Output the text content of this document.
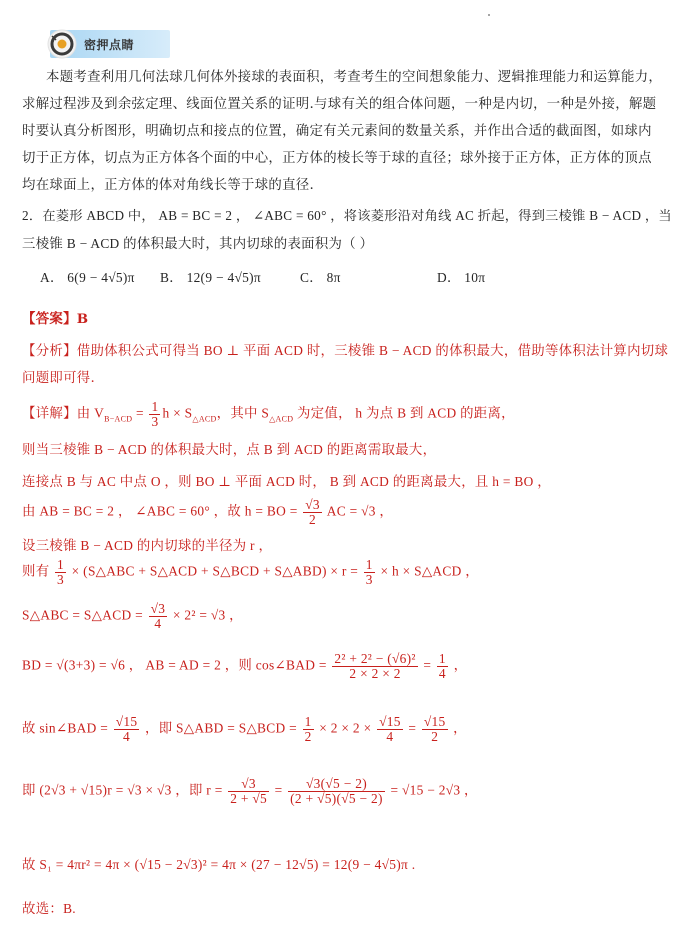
密押点睛
本题考查利用几何法球几何体外接球的表面积，考查考生的空间想象能力、逻辑推理能力和运算能力，
求解过程涉及到余弦定理、线面位置关系的证明.与球有关的组合体问题，一种是内切，一种是外接，解题
时要认真分析图形，明确切点和接点的位置，确定有关元素间的数量关系，并作出合适的截面图，如球内
切于正方体，切点为正方体各个面的中心，正方体的棱长等于球的直径；球外接于正方体，正方体的顶点
均在球面上，正方体的体对角线长等于球的直径.
2．在菱形 ABCD 中， AB = BC = 2 ， ∠ABC = 60° ，将该菱形沿对角线 AC 折起，得到三棱锥 B − ACD ，当
三棱锥 B − ACD 的体积最大时，其内切球的表面积为（ ）
A． 6(9 − 4√5)π B． 12(9 − 4√5)π	C． 8π	D． 10π
【答案】B
【分析】借助体积公式可得当 BO ⊥ 平面 ACD 时，三棱锥 B − ACD 的体积最大，借助等体积法计算内切球
问题即可得.
【详解】由 $V_{B-ACD} = \frac{1}{3}$ $h \times S_{\triangle ACD}$，其中 $S_{\triangle ACD}$ 为定值， h 为点 B 到 ACD 的距离，
则当三棱锥 B − ACD 的体积最大时，点 B 到 ACD 的距离需取最大，
连接点 B 与 AC 中点 O ，则 BO ⊥ 平面 ACD 时， B 到 ACD 的距离最大，且 h = BO ，
由 AB = BC = 2 ， ∠ABC = 60° ，故 h = BO = $\frac{√3}{2}$ AC = √3 ，
设三棱锥 B − ACD 的内切球的半径为 r ，
则有 $\frac{1}{3}$ × (S△ABC + S△ACD + S△BCD + S△ABD) × $r = \frac{1}{3} \times h$ × S△ACD ，
S△ABC = S△ACD = $\frac{√3}{4} \times 2^2 = √3$ ，
BD = √(3+3) = √6 ， AB = AD = 2 ，则 cos∠BAD = $\frac{\text{2² + 2² − (√6)²}}{2 \times 2 \times 2} = \frac{1}{4}$ ，
故 sin∠BAD = $\frac{√15}{4}$ ，即 S△ABD = S△BCD = $\frac{1}{2} \times 2 \times 2 \times \frac{√15}{4} = \frac{√15}{2}$ ，
即 (2√3 + √15)r = √3 × √3 ，即 $r = \frac{√3}{2 + √5} = \frac{√3(√5 - 2)}{(2 + √5)(√5 - 2)} = √15 - 2√3$ ，
故 S₁ = 4πr² = 4π × (√15 − 2√3)² = 4π × (27 − 12√5) = 12(9 − 4√5)π .
故选：B.
